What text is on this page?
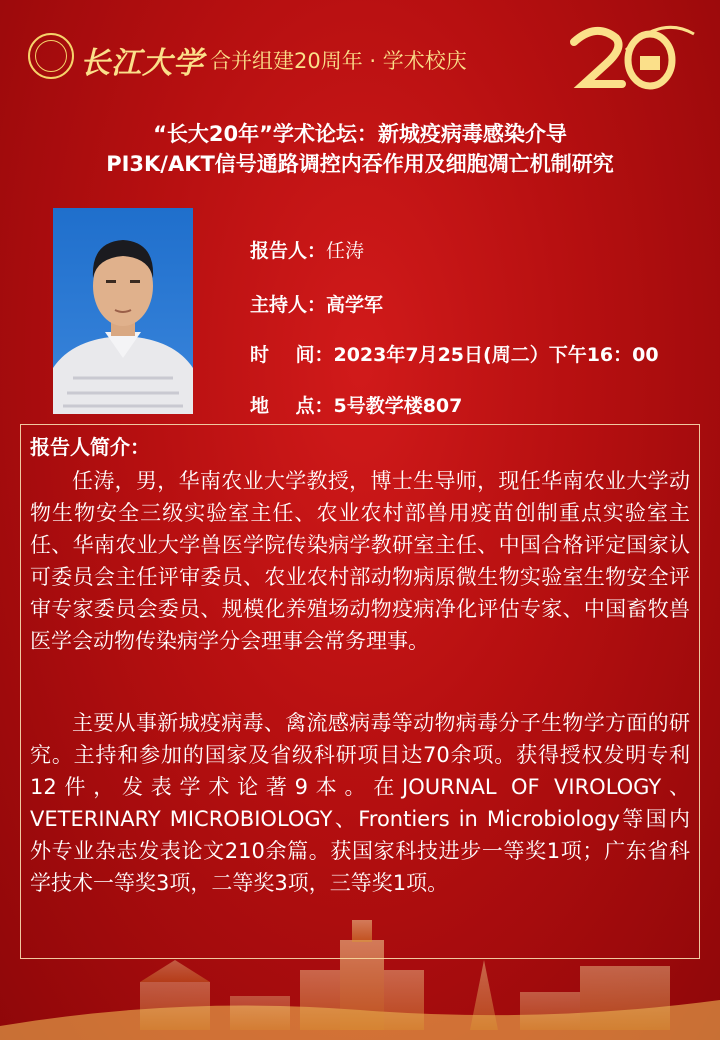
长江大学 合并组建20周年 · 学术校庆
“长大20年”学术论坛：新城疫病毒感染介导
PI3K/AKT信号通路调控内吞作用及细胞凋亡机制研究
报告人：任涛
主持人：高学军
时    间：2023年7月25日(周二）下午16：00
地    点：5号教学楼807
报告人简介：

任涛，男，华南农业大学教授，博士生导师，现任华南农业大学动物生物安全三级实验室主任、农业农村部兽用疫苗创制重点实验室主任、华南农业大学兽医学院传染病学教研室主任、中国合格评定国家认可委员会主任评审委员、农业农村部动物病原微生物实验室生物安全评审专家委员会委员、规模化养殖场动物疫病净化评估专家、中国畜牧兽医学会动物传染病学分会理事会常务理事。

主要从事新城疫病毒、禽流感病毒等动物病毒分子生物学方面的研究。主持和参加的国家及省级科研项目达70余项。获得授权发明专利12件，发表学术论著9本。在JOURNAL OF VIROLOGY、VETERINARY MICROBIOLOGY、Frontiers in Microbiology等国内外专业杂志发表论文210余篇。获国家科技进步一等奖1项；广东省科学技术一等奖3项，二等奖3项，三等奖1项。
